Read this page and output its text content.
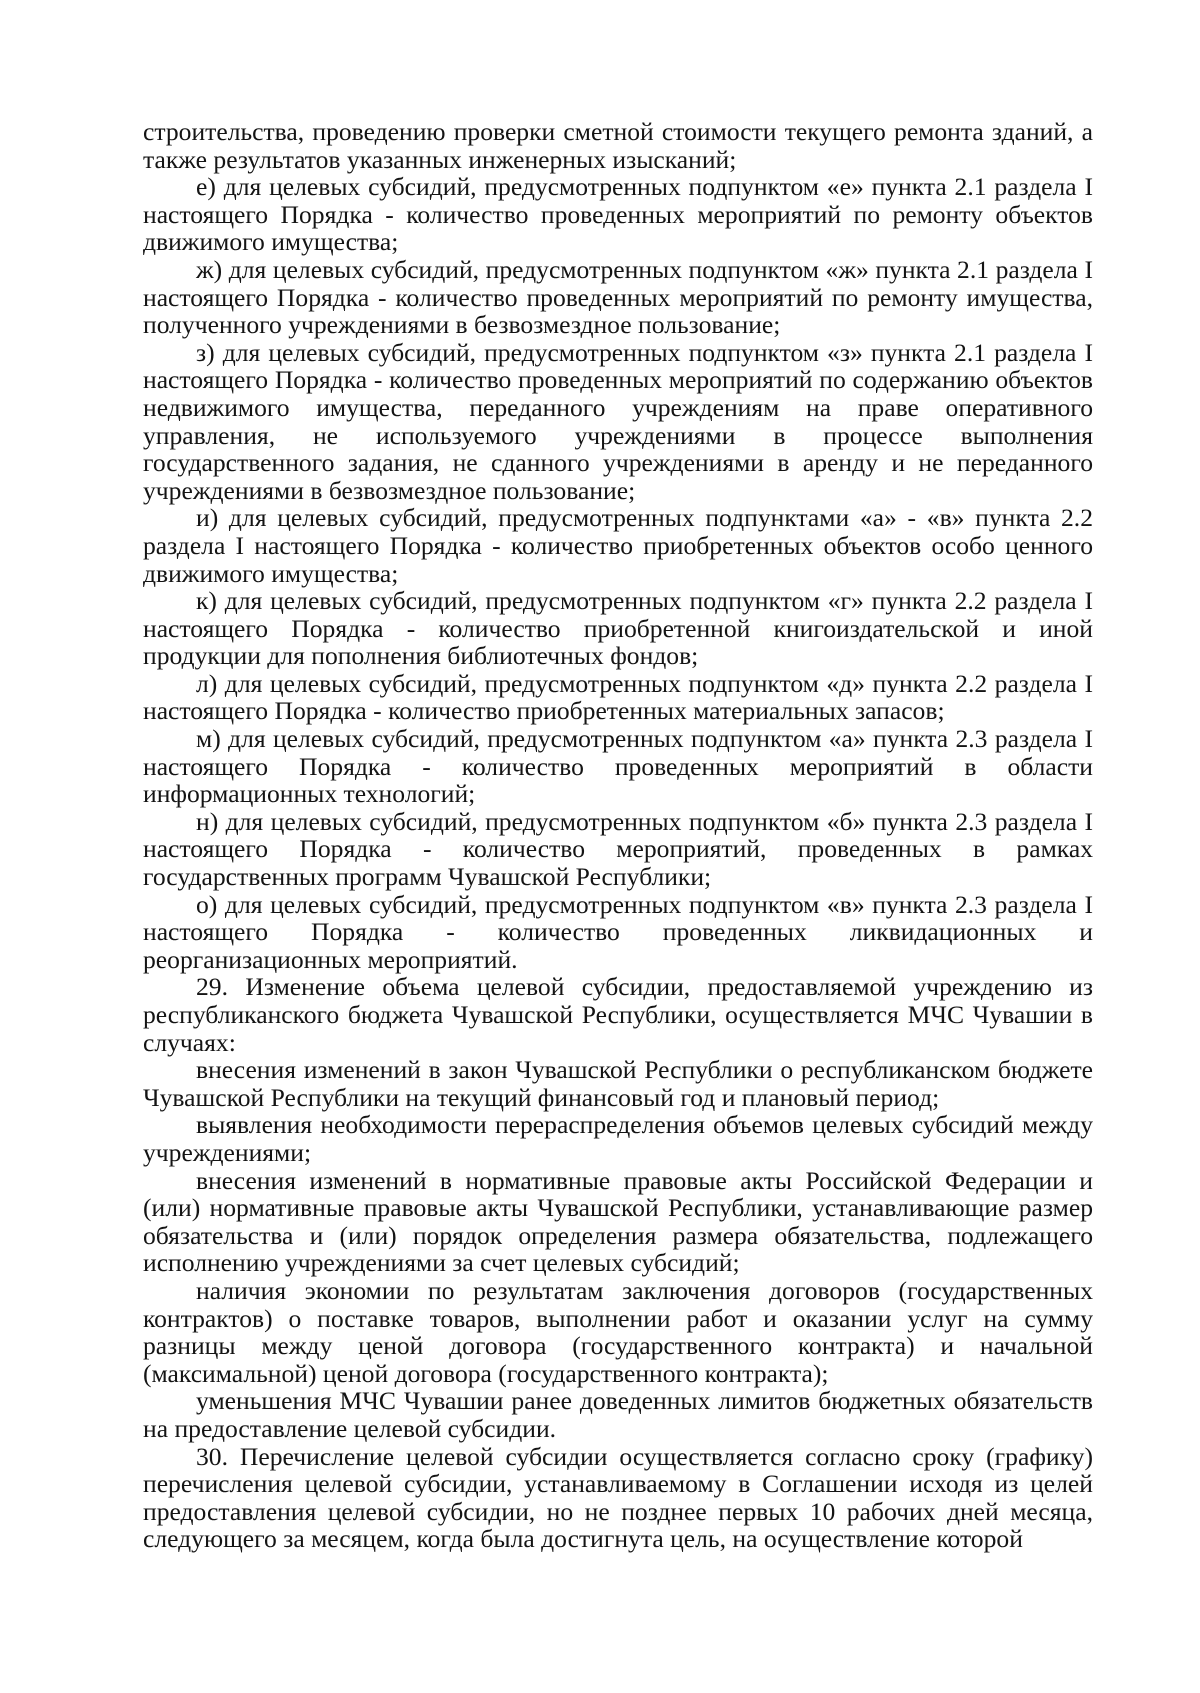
строительства, проведению проверки сметной стоимости текущего ремонта зданий, а также результатов указанных инженерных изысканий;

е) для целевых субсидий, предусмотренных подпунктом «е» пункта 2.1 раздела I настоящего Порядка - количество проведенных мероприятий по ремонту объектов движимого имущества;

ж) для целевых субсидий, предусмотренных подпунктом «ж» пункта 2.1 раздела I настоящего Порядка - количество проведенных мероприятий по ремонту имущества, полученного учреждениями в безвозмездное пользование;

з) для целевых субсидий, предусмотренных подпунктом «з» пункта 2.1 раздела I настоящего Порядка - количество проведенных мероприятий по содержанию объектов недвижимого имущества, переданного учреждениям на праве оперативного управления, не используемого учреждениями в процессе выполнения государственного задания, не сданного учреждениями в аренду и не переданного учреждениями в безвозмездное пользование;

и) для целевых субсидий, предусмотренных подпунктами «а» - «в» пункта 2.2 раздела I настоящего Порядка - количество приобретенных объектов особо ценного движимого имущества;

к) для целевых субсидий, предусмотренных подпунктом «г» пункта 2.2 раздела I настоящего Порядка - количество приобретенной книгоиздательской и иной продукции для пополнения библиотечных фондов;

л) для целевых субсидий, предусмотренных подпунктом «д» пункта 2.2 раздела I настоящего Порядка - количество приобретенных материальных запасов;

м) для целевых субсидий, предусмотренных подпунктом «а» пункта 2.3 раздела I настоящего Порядка - количество проведенных мероприятий в области информационных технологий;

н) для целевых субсидий, предусмотренных подпунктом «б» пункта 2.3 раздела I настоящего Порядка - количество мероприятий, проведенных в рамках государственных программ Чувашской Республики;

о) для целевых субсидий, предусмотренных подпунктом «в» пункта 2.3 раздела I настоящего Порядка - количество проведенных ликвидационных и реорганизационных мероприятий.

29. Изменение объема целевой субсидии, предоставляемой учреждению из республиканского бюджета Чувашской Республики, осуществляется МЧС Чувашии в случаях:

внесения изменений в закон Чувашской Республики о республиканском бюджете Чувашской Республики на текущий финансовый год и плановый период;

выявления необходимости перераспределения объемов целевых субсидий между учреждениями;

внесения изменений в нормативные правовые акты Российской Федерации и (или) нормативные правовые акты Чувашской Республики, устанавливающие размер обязательства и (или) порядок определения размера обязательства, подлежащего исполнению учреждениями за счет целевых субсидий;

наличия экономии по результатам заключения договоров (государственных контрактов) о поставке товаров, выполнении работ и оказании услуг на сумму разницы между ценой договора (государственного контракта) и начальной (максимальной) ценой договора (государственного контракта);

уменьшения МЧС Чувашии ранее доведенных лимитов бюджетных обязательств на предоставление целевой субсидии.

30. Перечисление целевой субсидии осуществляется согласно сроку (графику) перечисления целевой субсидии, устанавливаемому в Соглашении исходя из целей предоставления целевой субсидии, но не позднее первых 10 рабочих дней месяца, следующего за месяцем, когда была достигнута цель, на осуществление которой
